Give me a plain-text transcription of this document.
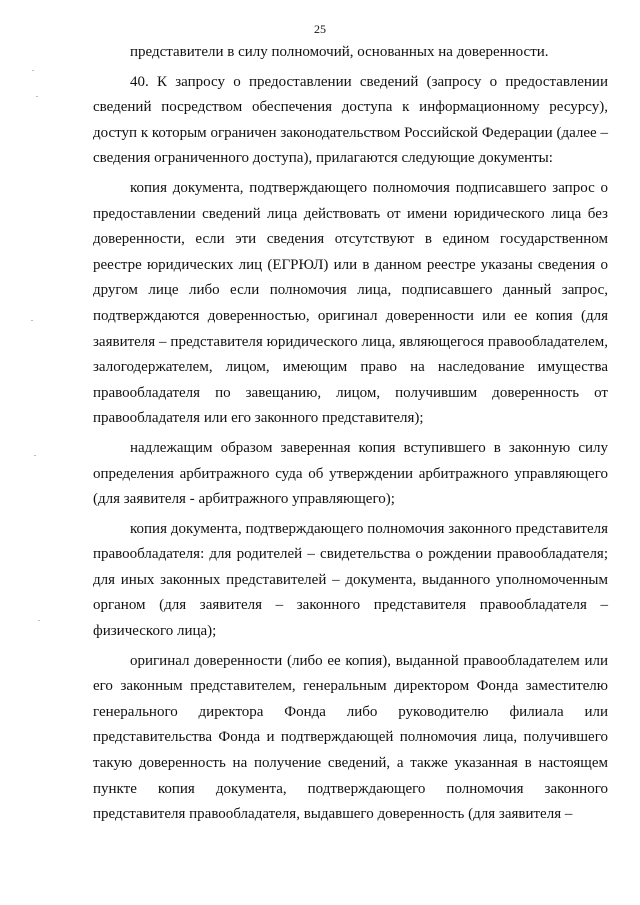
25

представители в силу полномочий, основанных на доверенности.

40. К запросу о предоставлении сведений (запросу о предоставлении сведений посредством обеспечения доступа к информационному ресурсу), доступ к которым ограничен законодательством Российской Федерации (далее – сведения ограниченного доступа), прилагаются следующие документы:

копия документа, подтверждающего полномочия подписавшего запрос о предоставлении сведений лица действовать от имени юридического лица без доверенности, если эти сведения отсутствуют в едином государственном реестре юридических лиц (ЕГРЮЛ) или в данном реестре указаны сведения о другом лице либо если полномочия лица, подписавшего данный запрос, подтверждаются доверенностью, оригинал доверенности или ее копия (для заявителя – представителя юридического лица, являющегося правообладателем, залогодержателем, лицом, имеющим право на наследование имущества правообладателя по завещанию, лицом, получившим доверенность от правообладателя или его законного представителя);

надлежащим образом заверенная копия вступившего в законную силу определения арбитражного суда об утверждении арбитражного управляющего (для заявителя - арбитражного управляющего);

копия документа, подтверждающего полномочия законного представителя правообладателя: для родителей – свидетельства о рождении правообладателя; для иных законных представителей – документа, выданного уполномоченным органом (для заявителя – законного представителя правообладателя – физического лица);

оригинал доверенности (либо ее копия), выданной правообладателем или его законным представителем, генеральным директором Фонда заместителю генерального директора Фонда либо руководителю филиала или представительства Фонда и подтверждающей полномочия лица, получившего такую доверенность на получение сведений, а также указанная в настоящем пункте копия документа, подтверждающего полномочия законного представителя правообладателя, выдавшего доверенность (для заявителя –
